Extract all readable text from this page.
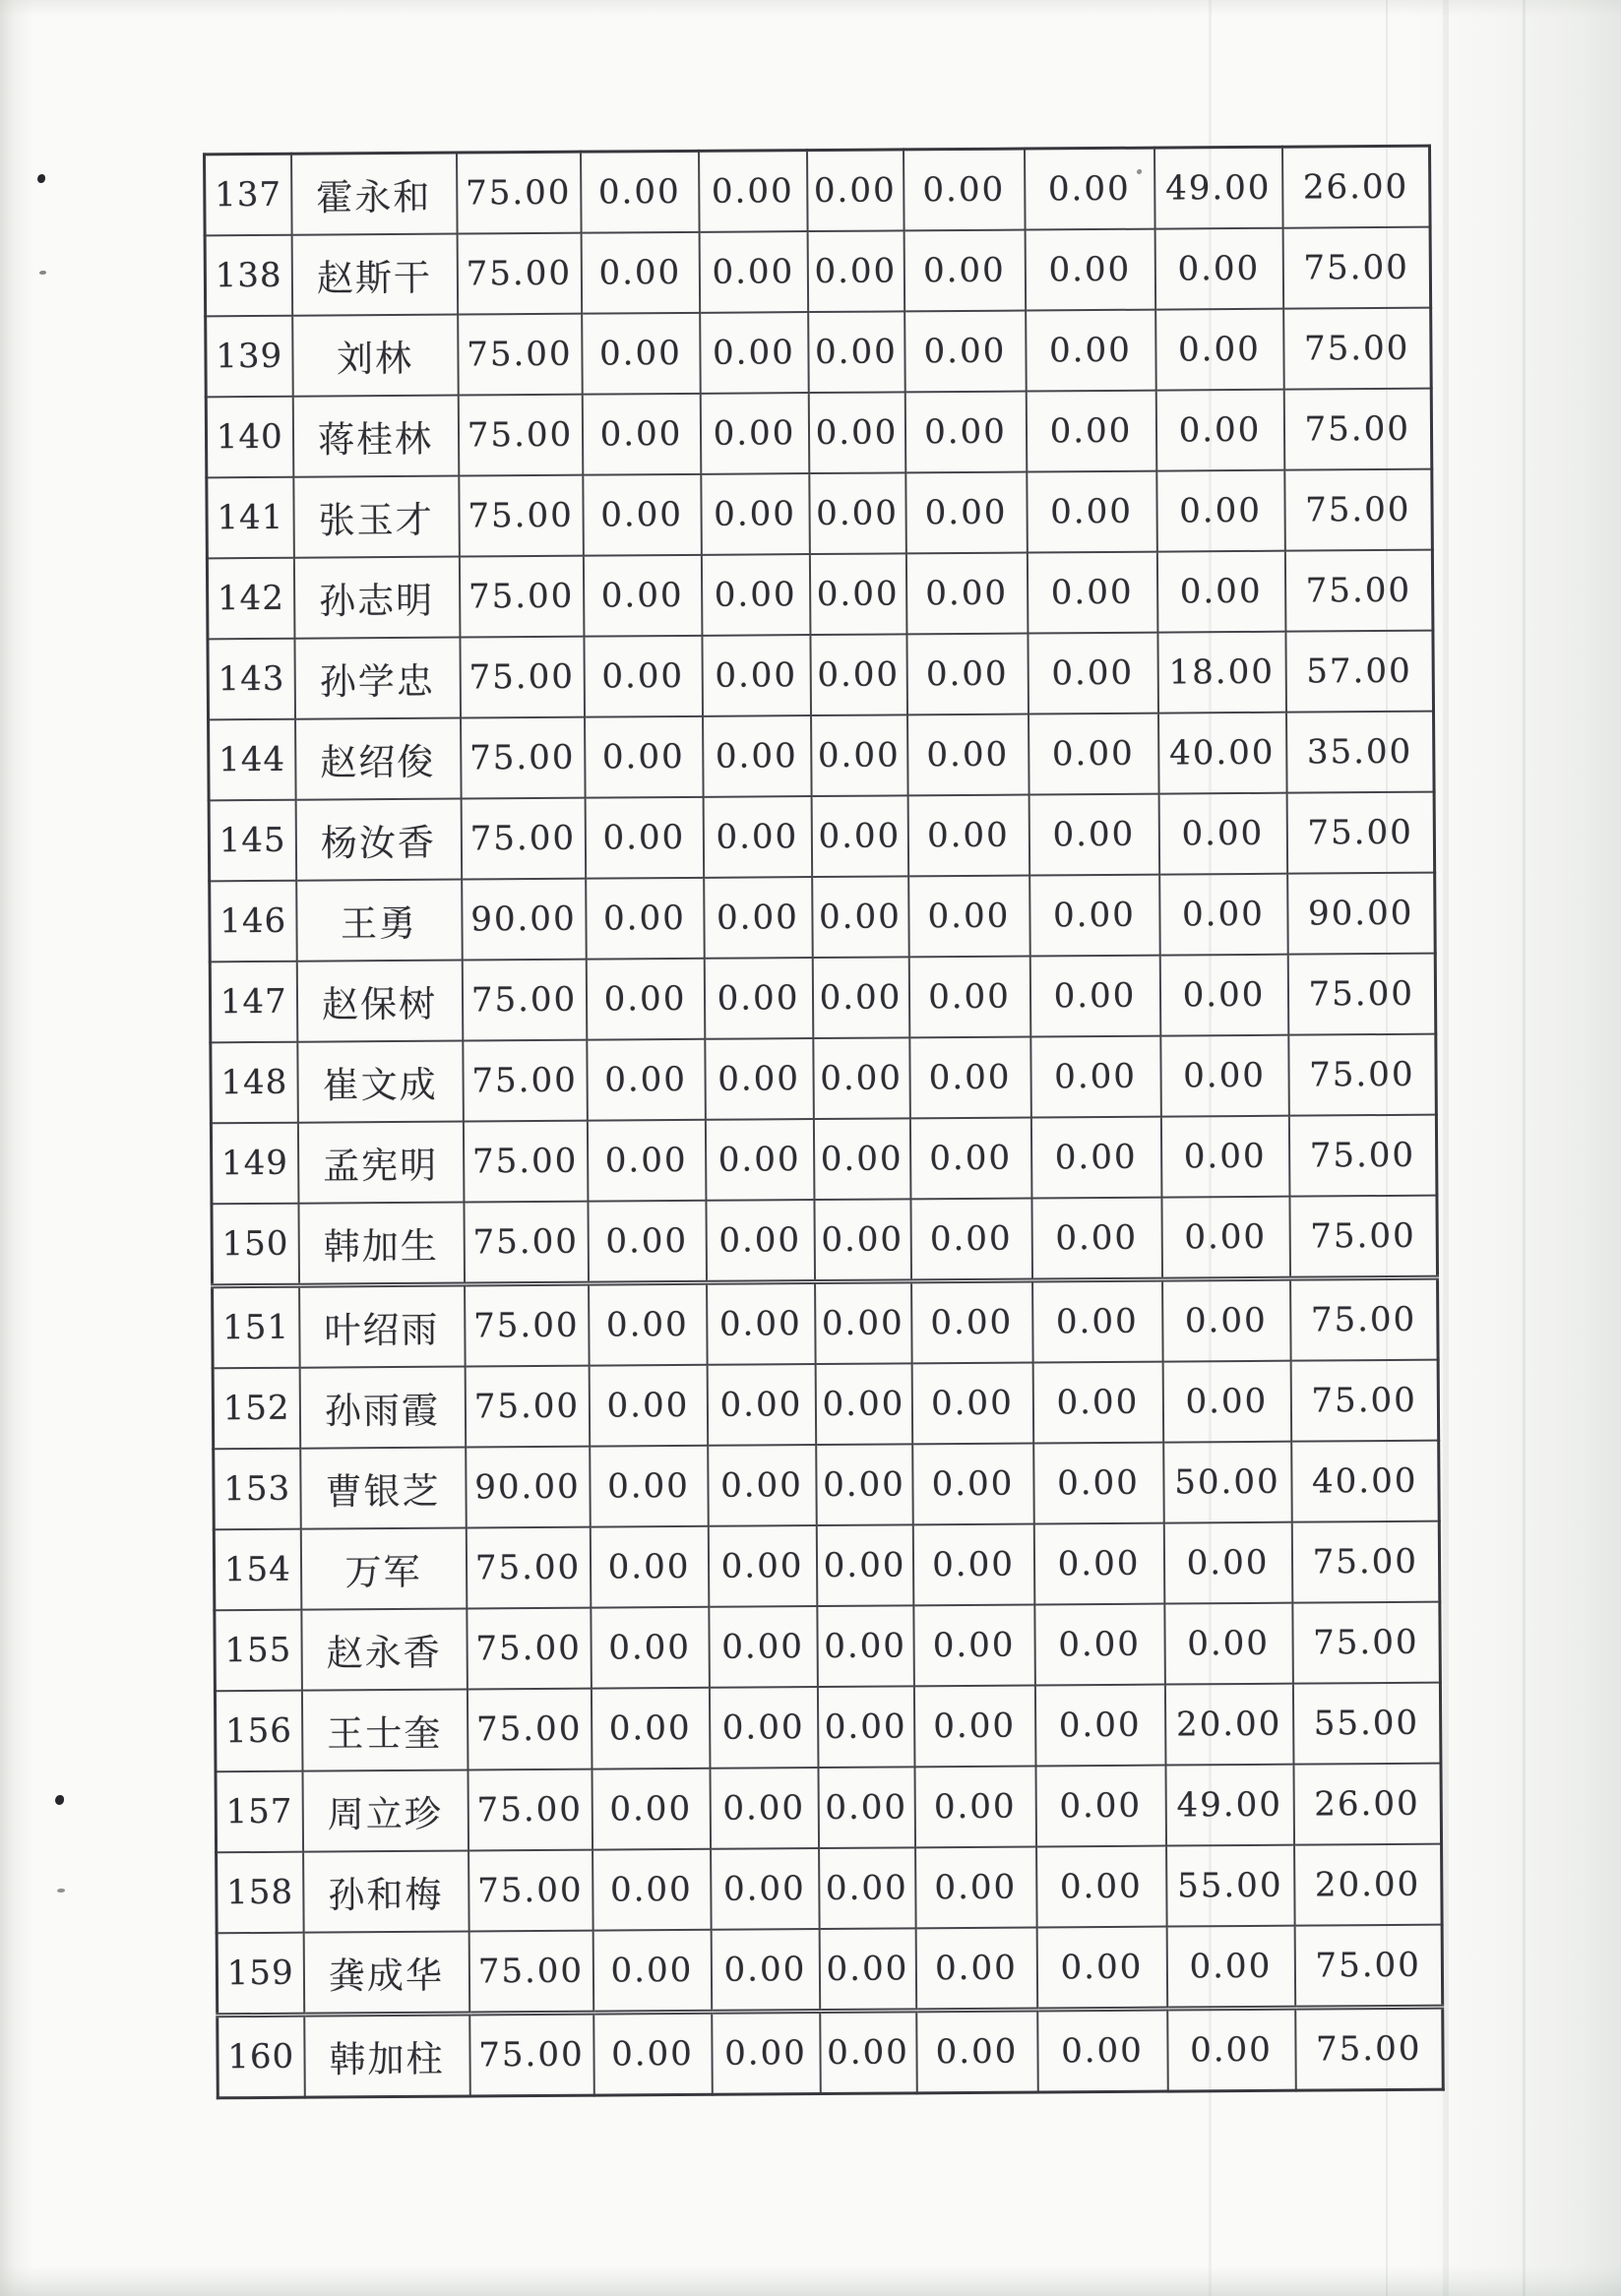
137	霍永和	75.00	0.00	0.00	0.00	0.00	0.00	49.00	26.00
138	赵斯干	75.00	0.00	0.00	0.00	0.00	0.00	0.00	75.00
139	刘林	75.00	0.00	0.00	0.00	0.00	0.00	0.00	75.00
140	蒋桂林	75.00	0.00	0.00	0.00	0.00	0.00	0.00	75.00
141	张玉才	75.00	0.00	0.00	0.00	0.00	0.00	0.00	75.00
142	孙志明	75.00	0.00	0.00	0.00	0.00	0.00	0.00	75.00
143	孙学忠	75.00	0.00	0.00	0.00	0.00	0.00	18.00	57.00
144	赵绍俊	75.00	0.00	0.00	0.00	0.00	0.00	40.00	35.00
145	杨汝香	75.00	0.00	0.00	0.00	0.00	0.00	0.00	75.00
146	王勇	90.00	0.00	0.00	0.00	0.00	0.00	0.00	90.00
147	赵保树	75.00	0.00	0.00	0.00	0.00	0.00	0.00	75.00
148	崔文成	75.00	0.00	0.00	0.00	0.00	0.00	0.00	75.00
149	孟宪明	75.00	0.00	0.00	0.00	0.00	0.00	0.00	75.00
150	韩加生	75.00	0.00	0.00	0.00	0.00	0.00	0.00	75.00
151	叶绍雨	75.00	0.00	0.00	0.00	0.00	0.00	0.00	75.00
152	孙雨霞	75.00	0.00	0.00	0.00	0.00	0.00	0.00	75.00
153	曹银芝	90.00	0.00	0.00	0.00	0.00	0.00	50.00	40.00
154	万军	75.00	0.00	0.00	0.00	0.00	0.00	0.00	75.00
155	赵永香	75.00	0.00	0.00	0.00	0.00	0.00	0.00	75.00
156	王士奎	75.00	0.00	0.00	0.00	0.00	0.00	20.00	55.00
157	周立珍	75.00	0.00	0.00	0.00	0.00	0.00	49.00	26.00
158	孙和梅	75.00	0.00	0.00	0.00	0.00	0.00	55.00	20.00
159	龚成华	75.00	0.00	0.00	0.00	0.00	0.00	0.00	75.00
160	韩加柱	75.00	0.00	0.00	0.00	0.00	0.00	0.00	75.00
